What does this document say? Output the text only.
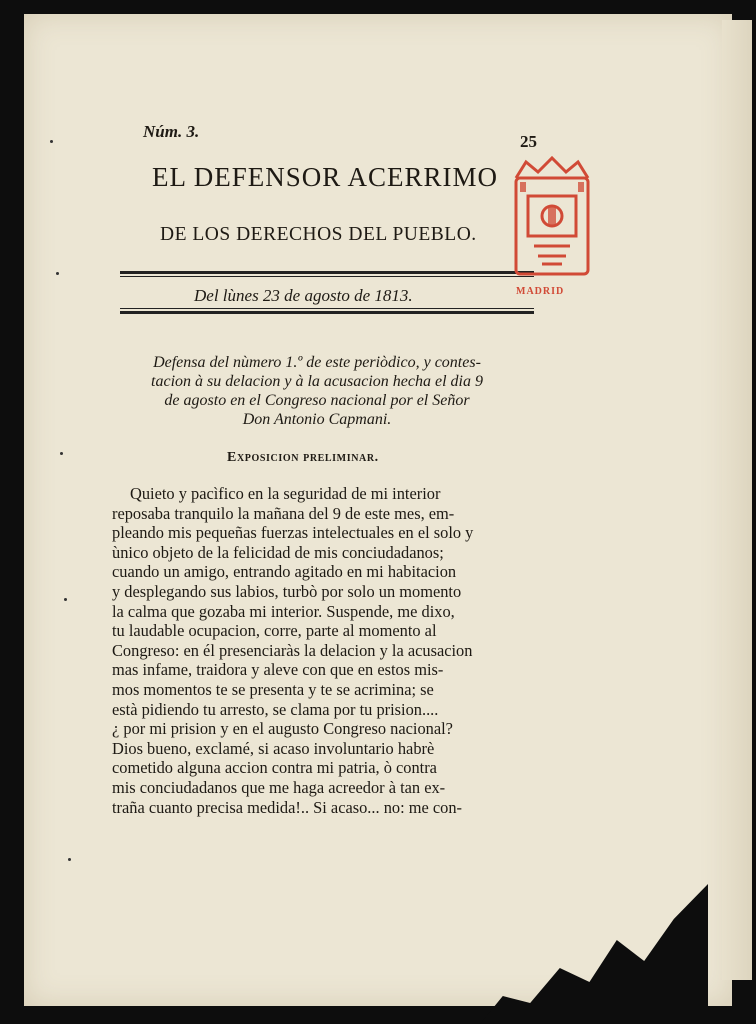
Núm. 3.
25
EL DEFENSOR ACERRIMO
DE LOS DERECHOS DEL PUEBLO.
Del lùnes 23 de agosto de 1813.
Defensa del nùmero 1.º de este periòdico, y contes-
tacion à su delacion y à la acusacion hecha el dia 9
de agosto en el Congreso nacional por el Señor
Don Antonio Capmani.
Exposicion preliminar.
Quieto y pacìfico en la seguridad de mi interior
reposaba tranquilo la mañana del 9 de este mes, em-
pleando mis pequeñas fuerzas intelectuales en el solo y
ùnico objeto de la felicidad de mis conciudadanos;
cuando un amigo, entrando agitado en mi habitacion
y desplegando sus labios, turbò por solo un momento
la calma que gozaba mi interior. Suspende, me dixo,
tu laudable ocupacion, corre, parte al momento al
Congreso: en él presenciaràs la delacion y la acusacion
mas infame, traidora y aleve con que en estos mis-
mos momentos te se presenta y te se acrimina; se
està pidiendo tu arresto, se clama por tu prision....
¿ por mi prision y en el augusto Congreso nacional?
Dios bueno, exclamé, si acaso involuntario habrè
cometido alguna accion contra mi patria, ò contra
mis conciudadanos que me haga acreedor à tan ex-
traña cuanto precisa medida!.. Si acaso... no: me con-
MADRID
